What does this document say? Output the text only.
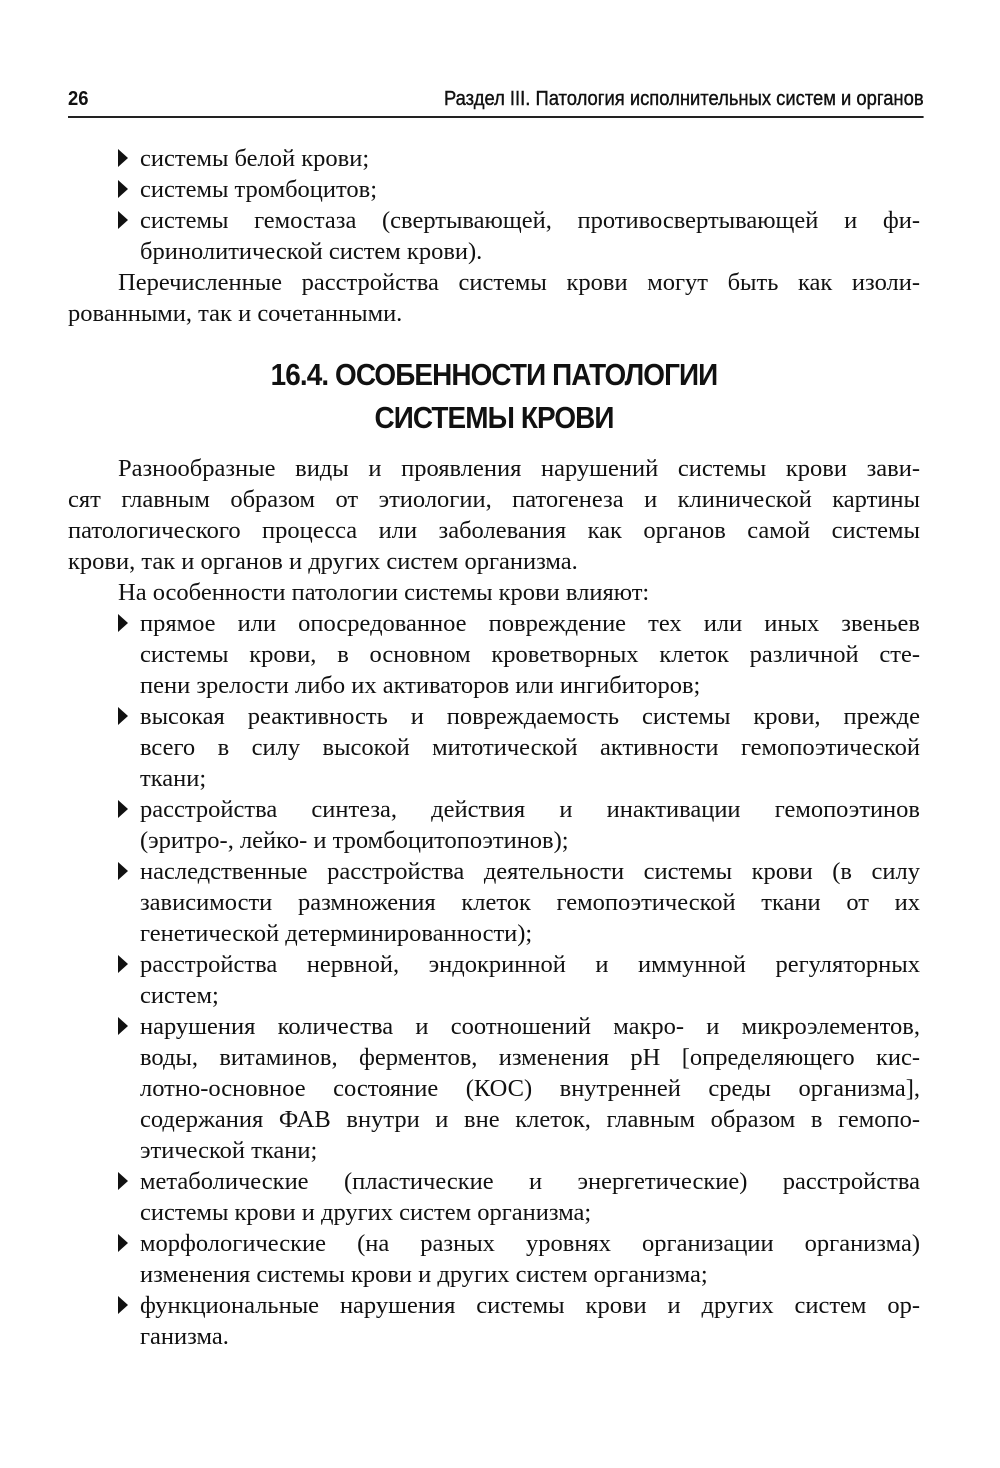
26	Раздел III. Патология исполнительных систем и органов
системы белой крови;
системы тромбоцитов;
системы гемостаза (свертывающей, противосвертывающей и фи-
бринолитической систем крови).
Перечисленные расстройства системы крови могут быть как изоли-
рованными, так и сочетанными.
16.4. ОСОБЕННОСТИ ПАТОЛОГИИ
СИСТЕМЫ КРОВИ
Разнообразные виды и проявления нарушений системы крови зави-
сят главным образом от этиологии, патогенеза и клинической картины
патологического процесса или заболевания как органов самой системы
крови, так и органов и других систем организма.
На особенности патологии системы крови влияют:
прямое или опосредованное повреждение тех или иных звеньев
системы крови, в основном кроветворных клеток различной сте-
пени зрелости либо их активаторов или ингибиторов;
высокая реактивность и повреждаемость системы крови, прежде
всего в силу высокой митотической активности гемопоэтической
ткани;
расстройства синтеза, действия и инактивации гемопоэтинов
(эритро-, лейко- и тромбоцитопоэтинов);
наследственные расстройства деятельности системы крови (в силу
зависимости размножения клеток гемопоэтической ткани от их
генетической детерминированности);
расстройства нервной, эндокринной и иммунной регуляторных
систем;
нарушения количества и соотношений макро- и микроэлементов,
воды, витаминов, ферментов, изменения pH [определяющего кис-
лотно-основное состояние (КОС) внутренней среды организма],
содержания ФАВ внутри и вне клеток, главным образом в гемопо-
этической ткани;
метаболические (пластические и энергетические) расстройства
системы крови и других систем организма;
морфологические (на разных уровнях организации организма)
изменения системы крови и других систем организма;
функциональные нарушения системы крови и других систем ор-
ганизма.
